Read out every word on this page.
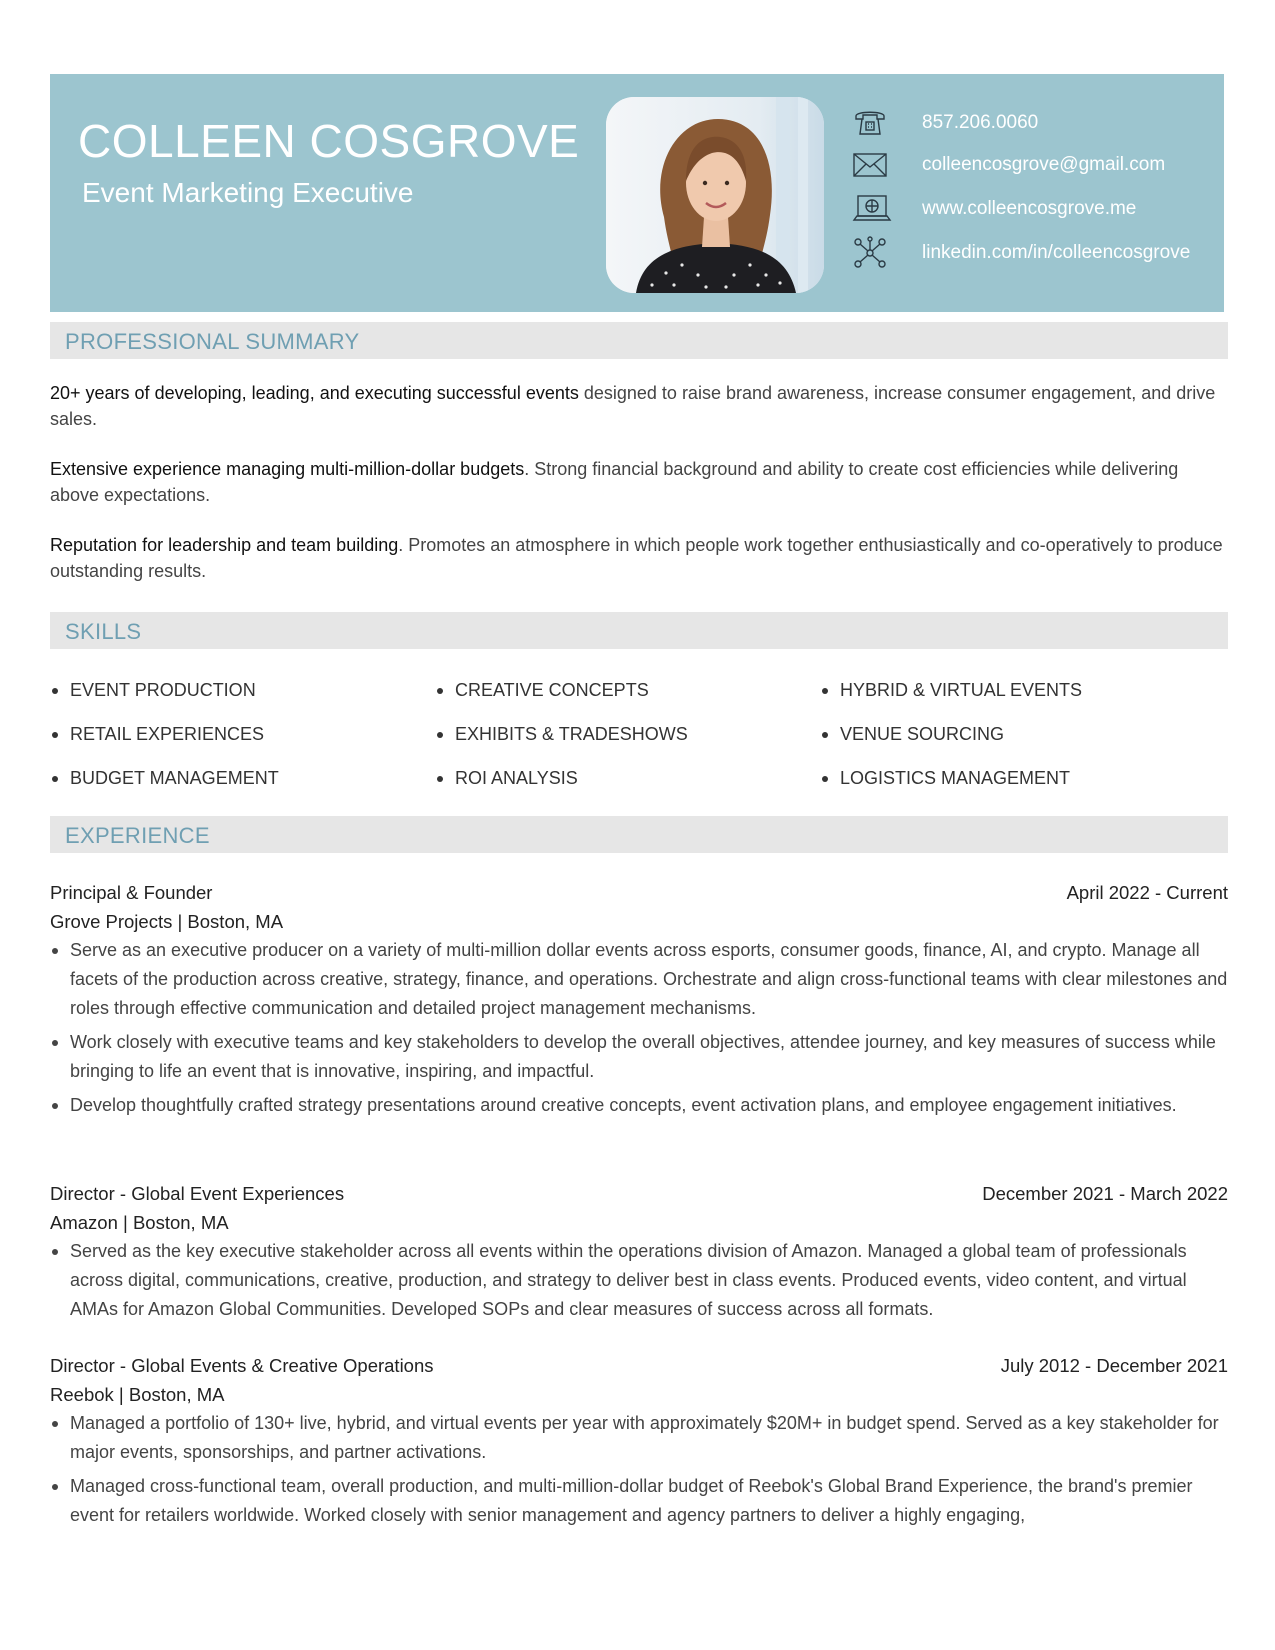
COLLEEN COSGROVE
Event Marketing Executive
857.206.0060
colleencosgrove@gmail.com
www.colleencosgrove.me
linkedin.com/in/colleencosgrove
PROFESSIONAL SUMMARY
20+ years of developing, leading, and executing successful events designed to raise brand awareness, increase consumer engagement, and drive sales.
Extensive experience managing multi-million-dollar budgets. Strong financial background and ability to create cost efficiencies while delivering above expectations.
Reputation for leadership and team building. Promotes an atmosphere in which people work together enthusiastically and co-operatively to produce outstanding results.
SKILLS
EVENT PRODUCTION	CREATIVE CONCEPTS	HYBRID & VIRTUAL EVENTS
RETAIL EXPERIENCES	EXHIBITS & TRADESHOWS	VENUE SOURCING
BUDGET MANAGEMENT	ROI ANALYSIS	LOGISTICS MANAGEMENT
EXPERIENCE
Principal & Founder	April 2022 - Current
Grove Projects | Boston, MA
Serve as an executive producer on a variety of multi-million dollar events across esports, consumer goods, finance, AI, and crypto. Manage all facets of the production across creative, strategy, finance, and operations. Orchestrate and align cross-functional teams with clear milestones and roles through effective communication and detailed project management mechanisms.
Work closely with executive teams and key stakeholders to develop the overall objectives, attendee journey, and key measures of success while bringing to life an event that is innovative, inspiring, and impactful.
Develop thoughtfully crafted strategy presentations around creative concepts, event activation plans, and employee engagement initiatives.
Director - Global Event Experiences	December 2021 - March 2022
Amazon | Boston, MA
Served as the key executive stakeholder across all events within the operations division of Amazon. Managed a global team of professionals across digital, communications, creative, production, and strategy to deliver best in class events. Produced events, video content, and virtual AMAs for Amazon Global Communities. Developed SOPs and clear measures of success across all formats.
Director - Global Events & Creative Operations	July 2012 - December 2021
Reebok | Boston, MA
Managed a portfolio of 130+ live, hybrid, and virtual events per year with approximately $20M+ in budget spend. Served as a key stakeholder for major events, sponsorships, and partner activations.
Managed cross-functional team, overall production, and multi-million-dollar budget of Reebok's Global Brand Experience, the brand's premier event for retailers worldwide. Worked closely with senior management and agency partners to deliver a highly engaging,
